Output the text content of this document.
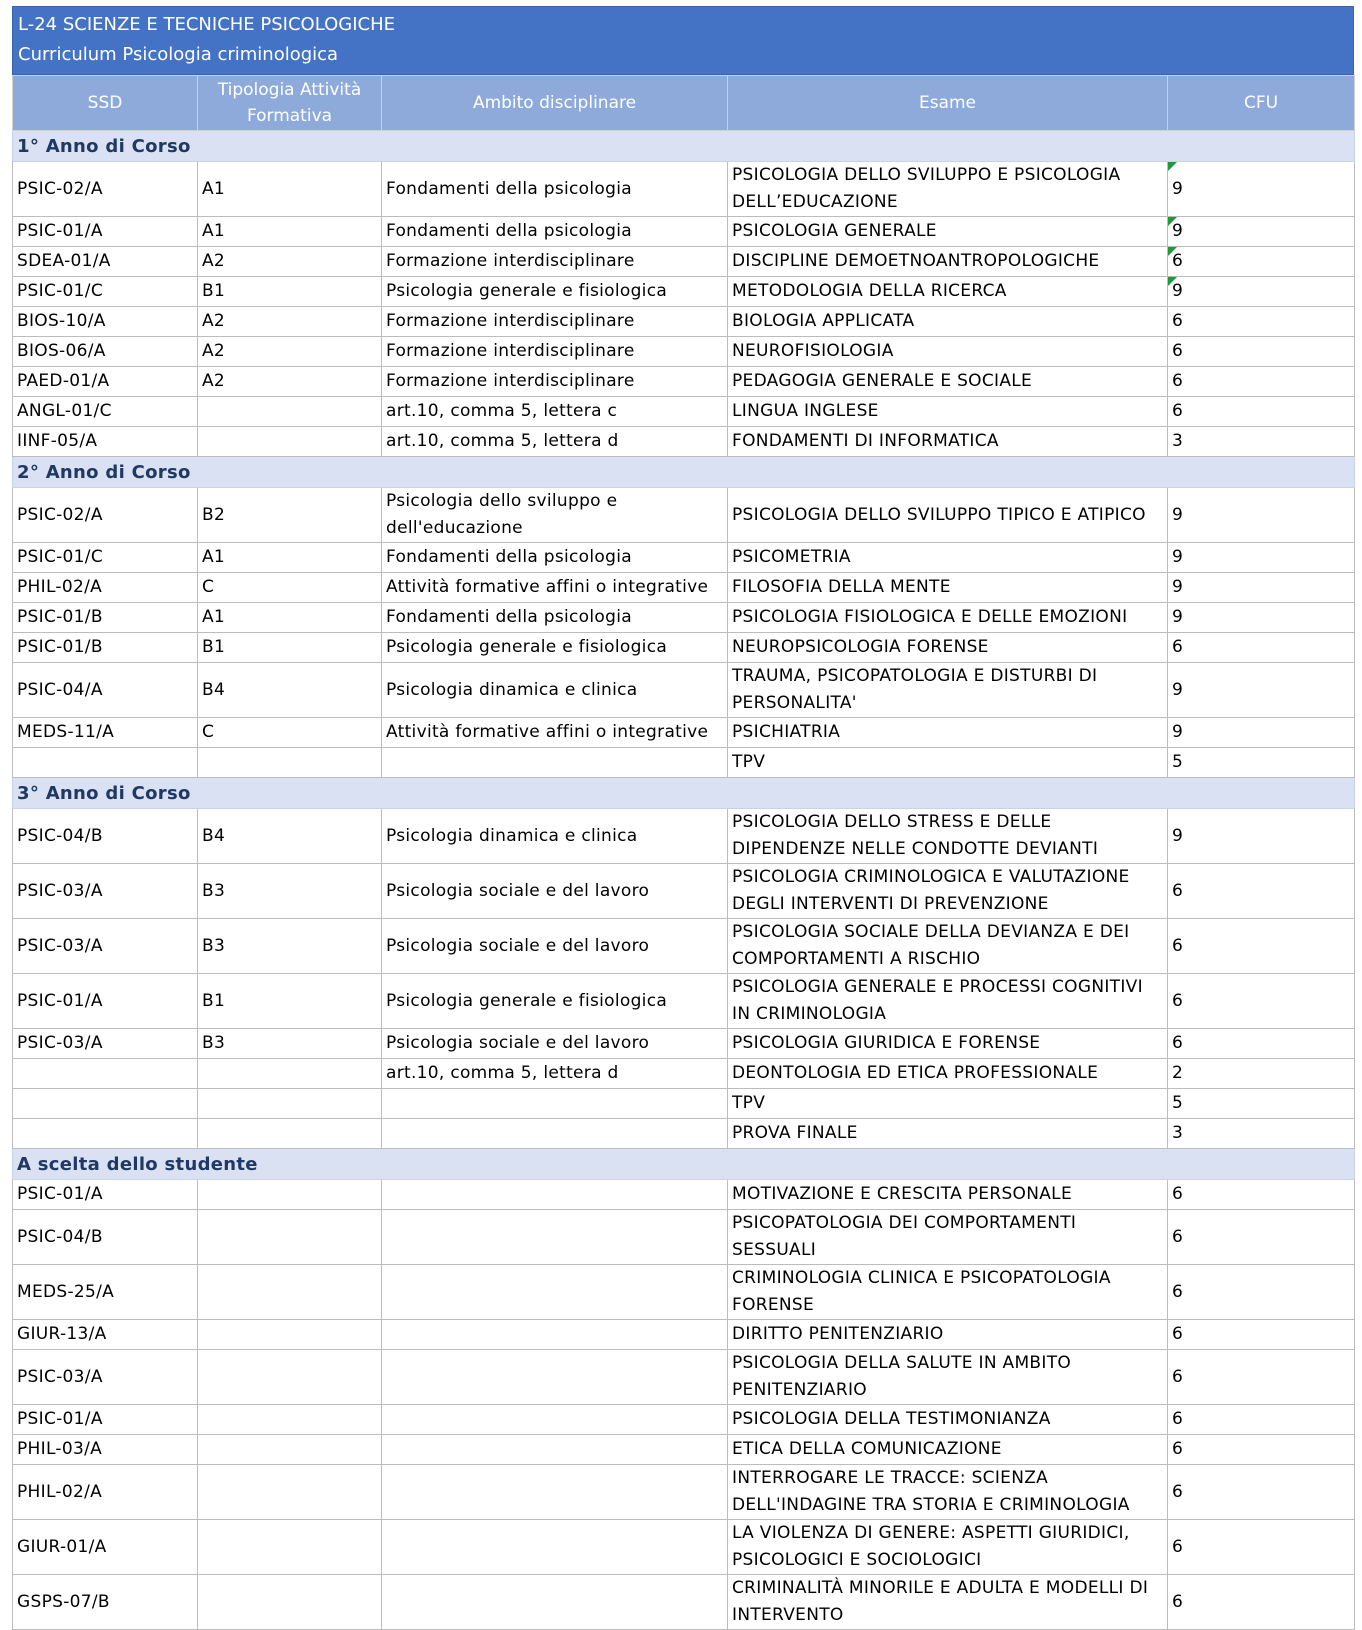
L-24 SCIENZE E TECNICHE PSICOLOGICHE
Curriculum Psicologia criminologica
SSD	Tipologia Attività Formativa	Ambito disciplinare	Esame	CFU
1° Anno di Corso				
PSIC-02/A	A1	Fondamenti della psicologia	PSICOLOGIA DELLO SVILUPPO E PSICOLOGIA DELL’EDUCAZIONE	9
PSIC-01/A	A1	Fondamenti della psicologia	PSICOLOGIA GENERALE	9
SDEA-01/A	A2	Formazione interdisciplinare	DISCIPLINE DEMOETNOANTROPOLOGICHE	6
PSIC-01/C	B1	Psicologia generale e fisiologica	METODOLOGIA DELLA RICERCA	9
BIOS-10/A	A2	Formazione interdisciplinare	BIOLOGIA APPLICATA	6
BIOS-06/A	A2	Formazione interdisciplinare	NEUROFISIOLOGIA	6
PAED-01/A	A2	Formazione interdisciplinare	PEDAGOGIA GENERALE E SOCIALE	6
ANGL-01/C		art.10, comma 5, lettera c	LINGUA INGLESE	6
IINF-05/A		art.10, comma 5, lettera d	FONDAMENTI DI INFORMATICA	3
2° Anno di Corso				
PSIC-02/A	B2	Psicologia dello sviluppo e dell'educazione	PSICOLOGIA DELLO SVILUPPO TIPICO E ATIPICO	9
PSIC-01/C	A1	Fondamenti della psicologia	PSICOMETRIA	9
PHIL-02/A	C	Attività formative affini o integrative	FILOSOFIA DELLA MENTE	9
PSIC-01/B	A1	Fondamenti della psicologia	PSICOLOGIA FISIOLOGICA E DELLE EMOZIONI	9
PSIC-01/B	B1	Psicologia generale e fisiologica	NEUROPSICOLOGIA FORENSE	6
PSIC-04/A	B4	Psicologia dinamica e clinica	TRAUMA, PSICOPATOLOGIA E DISTURBI DI PERSONALITA'	9
MEDS-11/A	C	Attività formative affini o integrative	PSICHIATRIA	9
			TPV	5
3° Anno di Corso				
PSIC-04/B	B4	Psicologia dinamica e clinica	PSICOLOGIA DELLO STRESS E DELLE DIPENDENZE NELLE CONDOTTE DEVIANTI	9
PSIC-03/A	B3	Psicologia sociale e del lavoro	PSICOLOGIA CRIMINOLOGICA E VALUTAZIONE DEGLI INTERVENTI DI PREVENZIONE	6
PSIC-03/A	B3	Psicologia sociale e del lavoro	PSICOLOGIA SOCIALE DELLA DEVIANZA E DEI COMPORTAMENTI A RISCHIO	6
PSIC-01/A	B1	Psicologia generale e fisiologica	PSICOLOGIA GENERALE E PROCESSI COGNITIVI IN CRIMINOLOGIA	6
PSIC-03/A	B3	Psicologia sociale e del lavoro	PSICOLOGIA GIURIDICA E FORENSE	6
		art.10, comma 5, lettera d	DEONTOLOGIA ED ETICA PROFESSIONALE	2
			TPV	5
			PROVA FINALE	3
A scelta dello studente				
PSIC-01/A			MOTIVAZIONE E CRESCITA PERSONALE	6
PSIC-04/B			PSICOPATOLOGIA DEI COMPORTAMENTI SESSUALI	6
MEDS-25/A			CRIMINOLOGIA CLINICA E PSICOPATOLOGIA FORENSE	6
GIUR-13/A			DIRITTO PENITENZIARIO	6
PSIC-03/A			PSICOLOGIA DELLA SALUTE IN AMBITO PENITENZIARIO	6
PSIC-01/A			PSICOLOGIA DELLA TESTIMONIANZA	6
PHIL-03/A			ETICA DELLA COMUNICAZIONE	6
PHIL-02/A			INTERROGARE LE TRACCE: SCIENZA DELL'INDAGINE TRA STORIA E CRIMINOLOGIA	6
GIUR-01/A			LA VIOLENZA DI GENERE: ASPETTI GIURIDICI, PSICOLOGICI E SOCIOLOGICI	6
GSPS-07/B			CRIMINALITÀ MINORILE E ADULTA E MODELLI DI INTERVENTO	6
